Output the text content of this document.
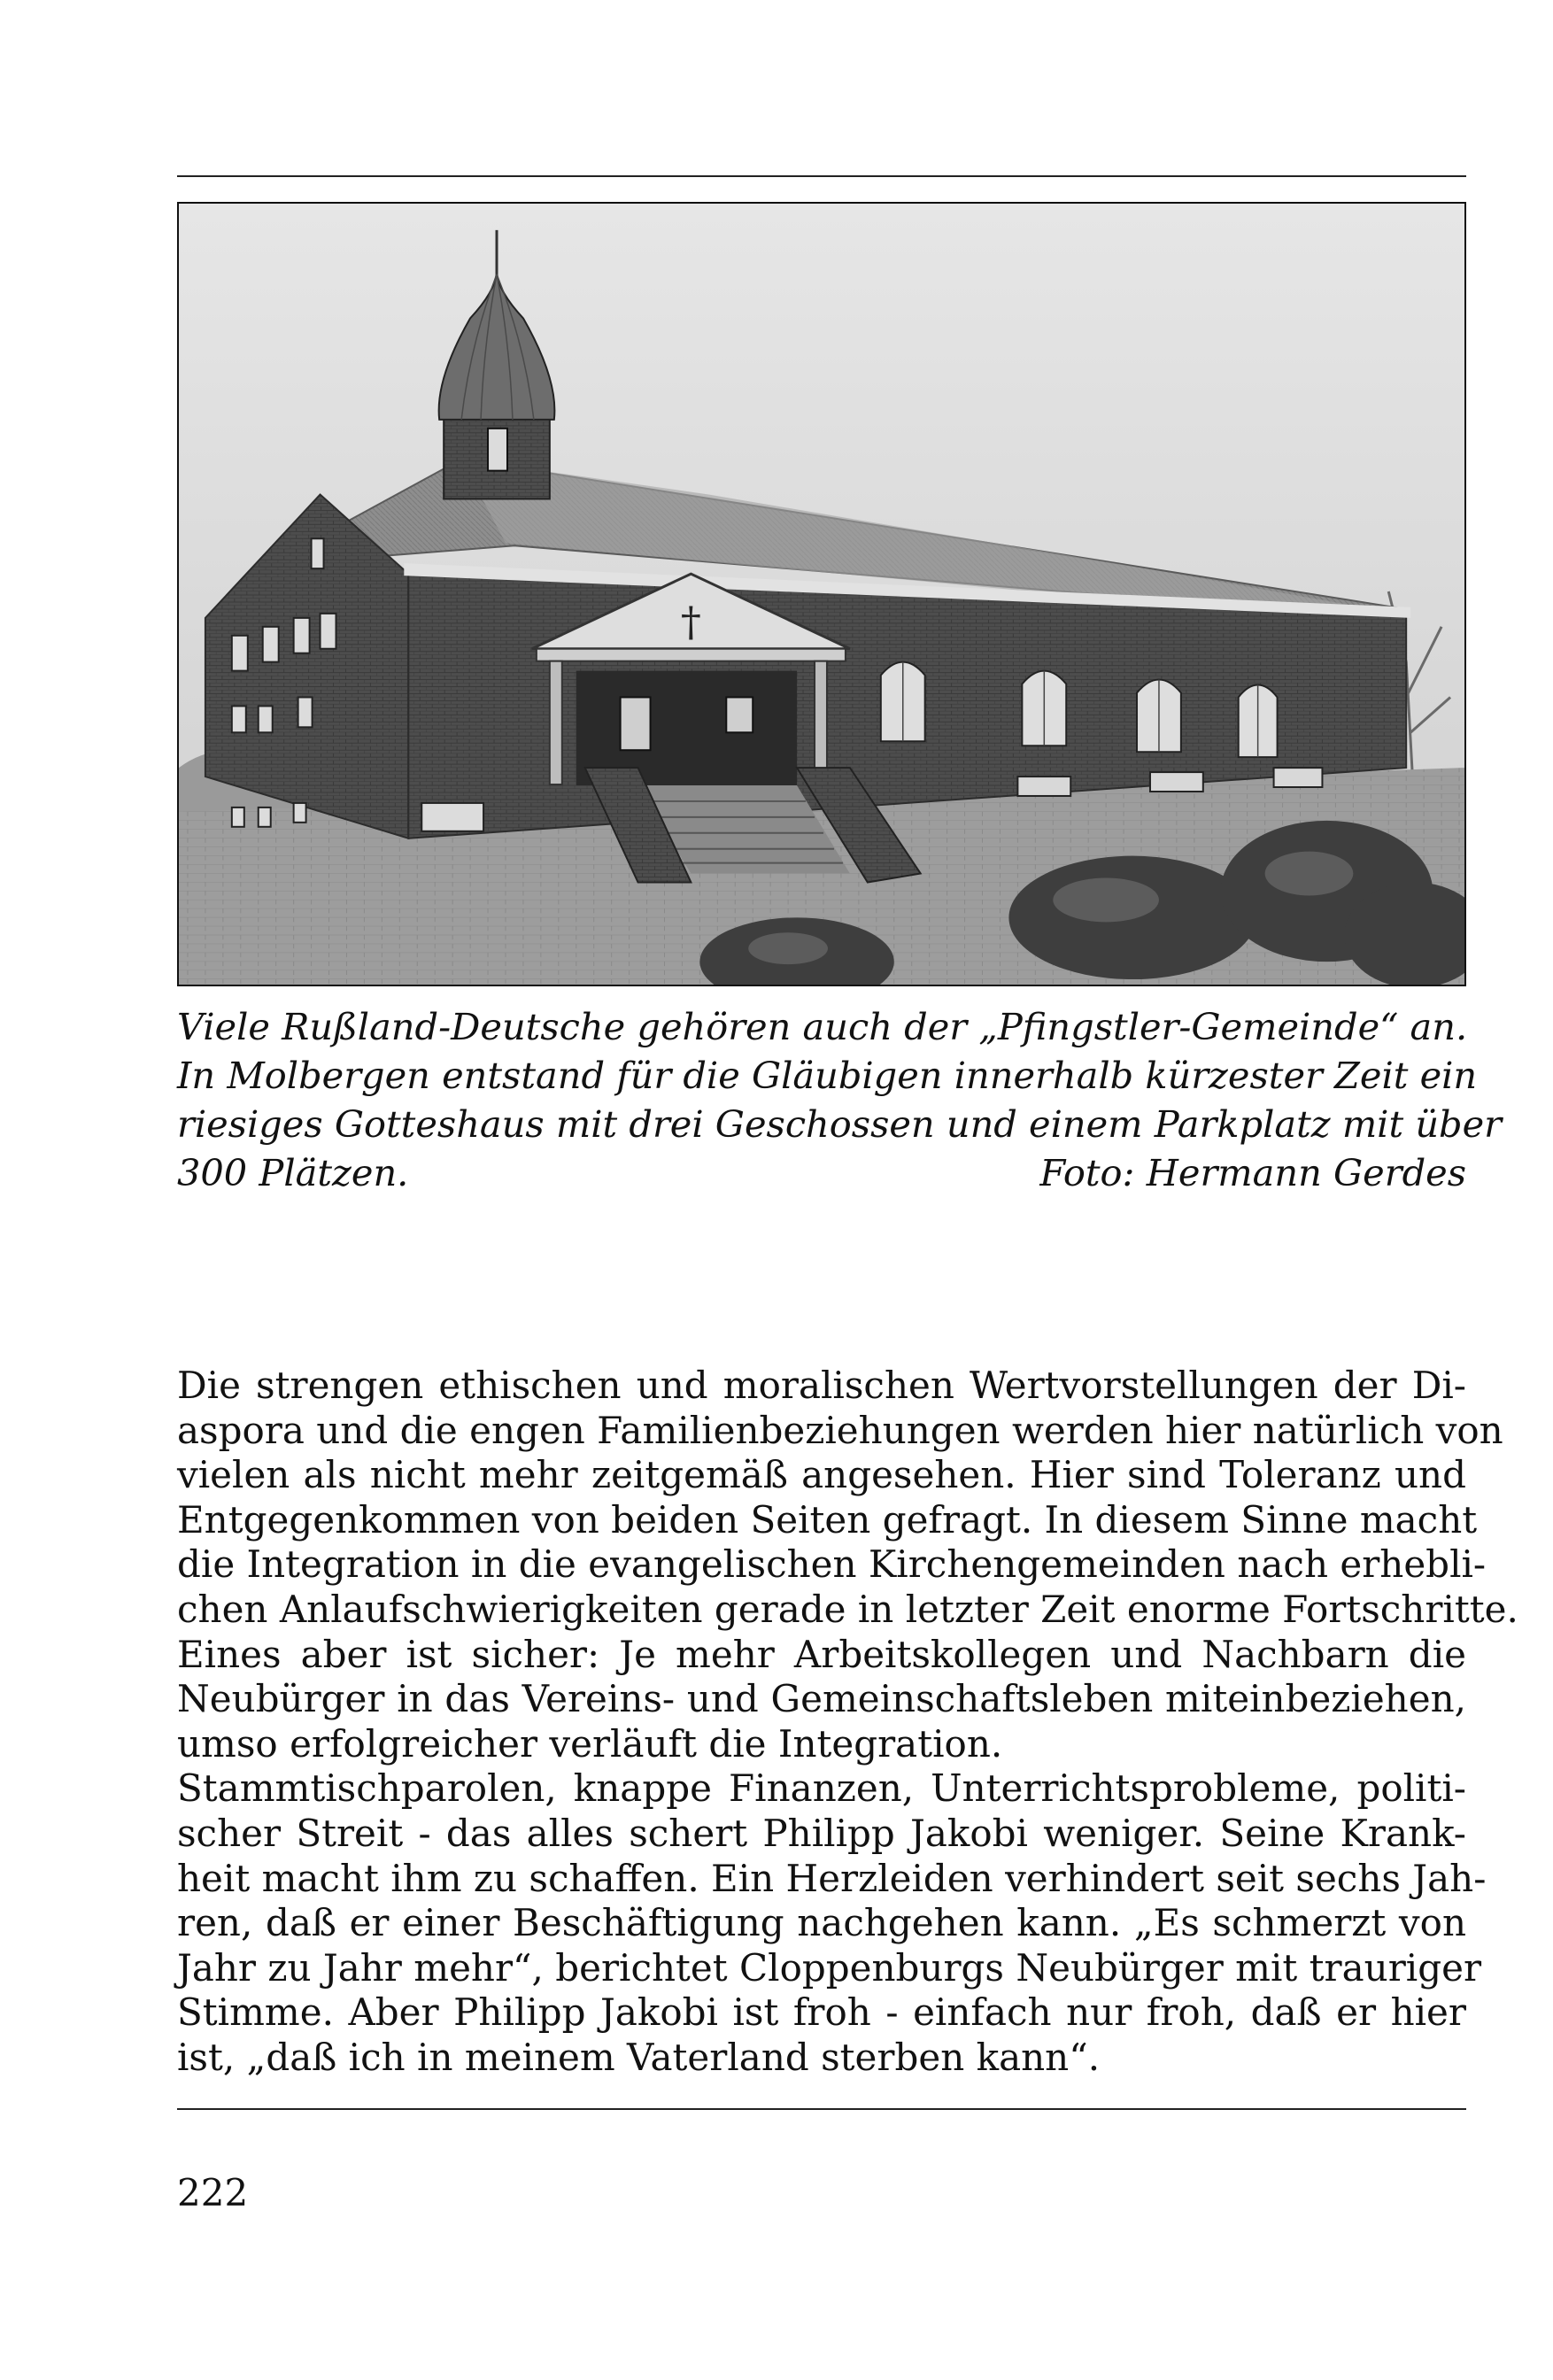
†
Viele Rußland-Deutsche gehören auch der „Pfingstler-Gemeinde“ an.
In Molbergen entstand für die Gläubigen innerhalb kürzester Zeit ein
riesiges Gotteshaus mit drei Geschossen und einem Parkplatz mit über
300 Plätzen.	Foto: Hermann Gerdes
Die strengen ethischen und moralischen Wertvorstellungen der Di-
aspora und die engen Familienbeziehungen werden hier natürlich von
vielen als nicht mehr zeitgemäß angesehen. Hier sind Toleranz und
Entgegenkommen von beiden Seiten gefragt. In diesem Sinne macht
die Integration in die evangelischen Kirchengemeinden nach erhebli-
chen Anlaufschwierigkeiten gerade in letzter Zeit enorme Fortschritte.
Eines aber ist sicher: Je mehr Arbeitskollegen und Nachbarn die
Neubürger in das Vereins- und Gemeinschaftsleben miteinbeziehen,
umso erfolgreicher verläuft die Integration.
Stammtischparolen, knappe Finanzen, Unterrichtsprobleme, politi-
scher Streit - das alles schert Philipp Jakobi weniger. Seine Krank-
heit macht ihm zu schaffen. Ein Herzleiden verhindert seit sechs Jah-
ren, daß er einer Beschäftigung nachgehen kann. „Es schmerzt von
Jahr zu Jahr mehr“, berichtet Cloppenburgs Neubürger mit trauriger
Stimme. Aber Philipp Jakobi ist froh - einfach nur froh, daß er hier
ist, „daß ich in meinem Vaterland sterben kann“.
222
